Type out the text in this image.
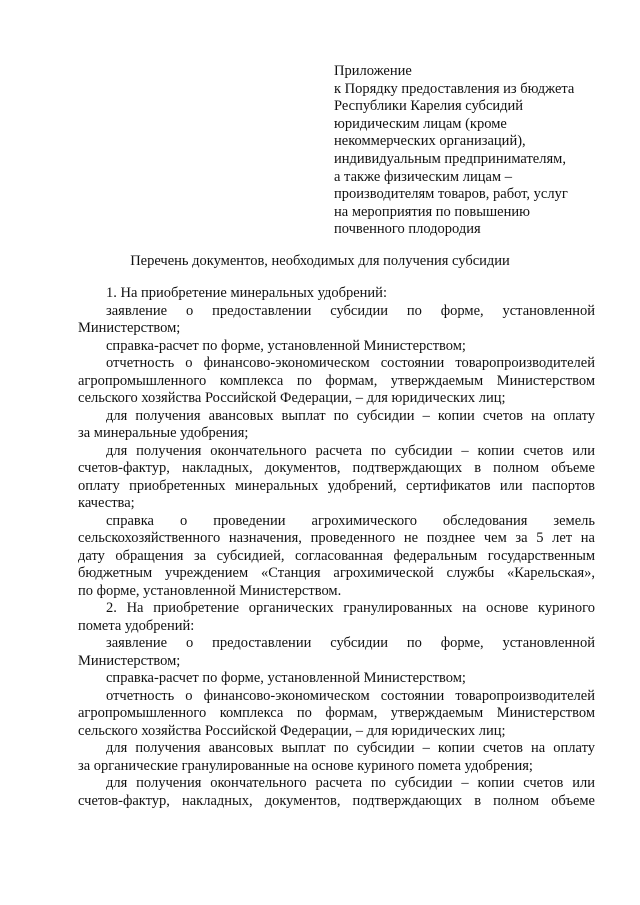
Приложение
к Порядку предоставления из бюджета
Республики Карелия субсидий
юридическим лицам (кроме
некоммерческих организаций),
индивидуальным предпринимателям,
а также физическим лицам –
производителям товаров, работ, услуг
на мероприятия по повышению
почвенного плодородия
Перечень документов, необходимых для получения субсидии
1. На приобретение минеральных удобрений:
заявление о предоставлении субсидии по форме, установленной
Министерством;
справка-расчет по форме, установленной Министерством;
отчетность о финансово-экономическом состоянии товаропроизводителей
агропромышленного комплекса по формам, утверждаемым Министерством
сельского хозяйства Российской Федерации, – для юридических лиц;
для получения авансовых выплат по субсидии – копии счетов на оплату
за минеральные удобрения;
для получения окончательного расчета по субсидии – копии счетов или
счетов-фактур, накладных, документов, подтверждающих в полном объеме
оплату приобретенных минеральных удобрений, сертификатов или паспортов
качества;
справка о проведении агрохимического обследования земель
сельскохозяйственного назначения, проведенного не позднее чем за 5 лет на
дату обращения за субсидией, согласованная федеральным государственным
бюджетным учреждением «Станция агрохимической службы «Карельская»,
по форме, установленной Министерством.
2. На приобретение органических гранулированных на основе куриного
помета удобрений:
заявление о предоставлении субсидии по форме, установленной
Министерством;
справка-расчет по форме, установленной Министерством;
отчетность о финансово-экономическом состоянии товаропроизводителей
агропромышленного комплекса по формам, утверждаемым Министерством
сельского хозяйства Российской Федерации, – для юридических лиц;
для получения авансовых выплат по субсидии – копии счетов на оплату
за органические гранулированные на основе куриного помета удобрения;
для получения окончательного расчета по субсидии – копии счетов или
счетов-фактур, накладных, документов, подтверждающих в полном объеме
